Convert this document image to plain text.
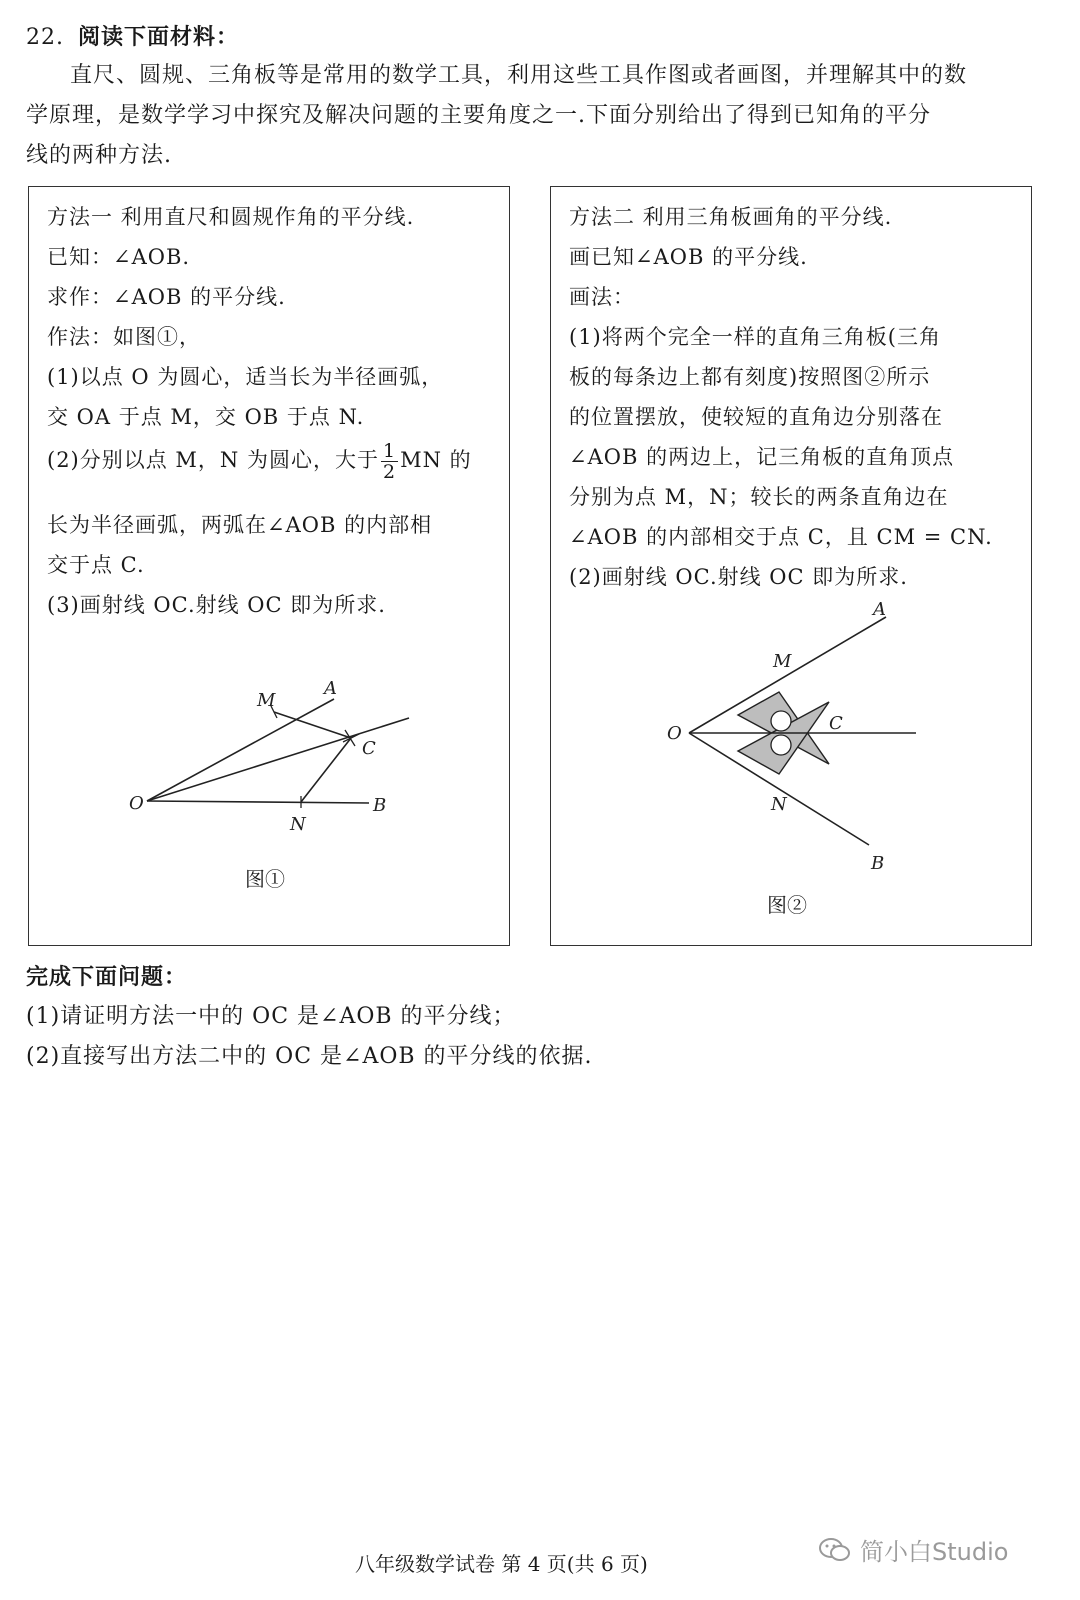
22. 阅读下面材料：
直尺、圆规、三角板等是常用的数学工具，利用这些工具作图或者画图，并理解其中的数
学原理，是数学学习中探究及解决问题的主要角度之一.下面分别给出了得到已知角的平分
线的两种方法.
方法一 利用直尺和圆规作角的平分线.
已知：∠AOB.
求作：∠AOB 的平分线.
作法：如图①，
(1)以点 O 为圆心，适当长为半径画弧，
交 OA 于点 M，交 OB 于点 N.
(2)分别以点 M，N 为圆心，大于 $\frac{1}{2}$ MN 的
长为半径画弧，两弧在∠AOB 的内部相
交于点 C.
(3)画射线 OC.射线 OC 即为所求.
A
M
C
O
N
B
图①
方法二 利用三角板画角的平分线.
画已知∠AOB 的平分线.
画法：
(1)将两个完全一样的直角三角板(三角
板的每条边上都有刻度)按照图②所示
的位置摆放，使较短的直角边分别落在
∠AOB 的两边上，记三角板的直角顶点
分别为点 M，N；较长的两条直角边在
∠AOB 的内部相交于点 C，且 CM = CN.
(2)画射线 OC.射线 OC 即为所求.
A
M
C
O
N
B
图②
完成下面问题：
(1)请证明方法一中的 OC 是∠AOB 的平分线；
(2)直接写出方法二中的 OC 是∠AOB 的平分线的依据.
八年级数学试卷 第 4 页(共 6 页)	简小白Studio
